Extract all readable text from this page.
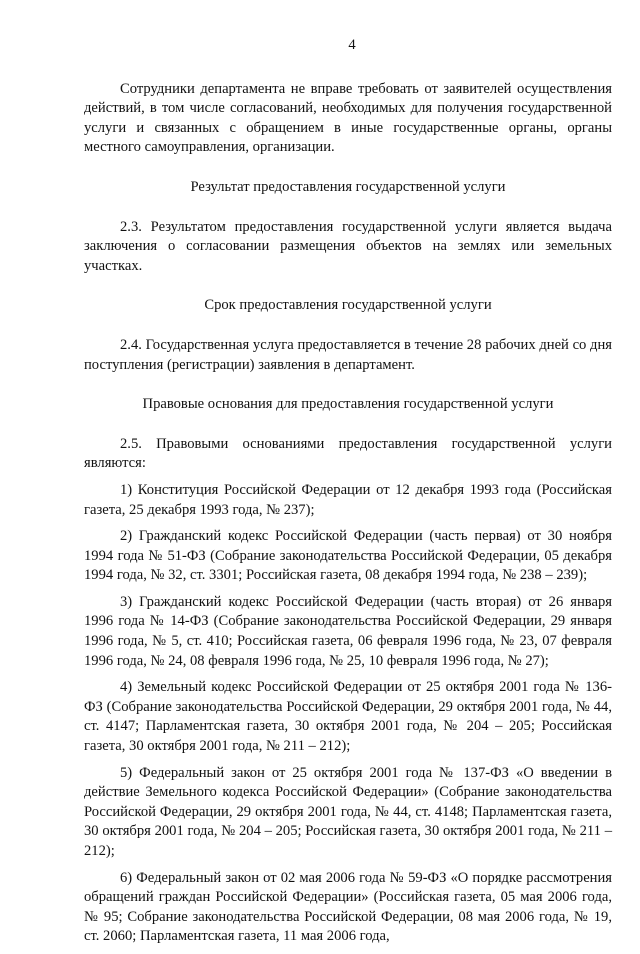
4

Сотрудники департамента не вправе требовать от заявителей осуществления действий, в том числе согласований, необходимых для получения государственной услуги и связанных с обращением в иные государственные органы, органы местного самоуправления, организации.

Результат предоставления государственной услуги

2.3. Результатом предоставления государственной услуги является выдача заключения о согласовании размещения объектов на землях или земельных участках.

Срок предоставления государственной услуги

2.4. Государственная услуга предоставляется в течение 28 рабочих дней со дня поступления (регистрации) заявления в департамент.

Правовые основания для предоставления государственной услуги

2.5. Правовыми основаниями предоставления государственной услуги являются:

1) Конституция Российской Федерации от 12 декабря 1993 года (Российская газета, 25 декабря 1993 года, № 237);
2) Гражданский кодекс Российской Федерации (часть первая) от 30 ноября 1994 года № 51-ФЗ (Собрание законодательства Российской Федерации, 05 декабря 1994 года, № 32, ст. 3301; Российская газета, 08 декабря 1994 года, № 238 – 239);
3) Гражданский кодекс Российской Федерации (часть вторая) от 26 января 1996 года № 14-ФЗ (Собрание законодательства Российской Федерации, 29 января 1996 года, № 5, ст. 410; Российская газета, 06 февраля 1996 года, № 23, 07 февраля 1996 года, № 24, 08 февраля 1996 года, № 25, 10 февраля 1996 года, № 27);
4) Земельный кодекс Российской Федерации от 25 октября 2001 года № 136-ФЗ (Собрание законодательства Российской Федерации, 29 октября 2001 года, № 44, ст. 4147; Парламентская газета, 30 октября 2001 года, № 204 – 205; Российская газета, 30 октября 2001 года, № 211 – 212);
5) Федеральный закон от 25 октября 2001 года № 137-ФЗ «О введении в действие Земельного кодекса Российской Федерации» (Собрание законодательства Российской Федерации, 29 октября 2001 года, № 44, ст. 4148; Парламентская газета, 30 октября 2001 года, № 204 – 205; Российская газета, 30 октября 2001 года, № 211 – 212);
6) Федеральный закон от 02 мая 2006 года № 59-ФЗ «О порядке рассмотрения обращений граждан Российской Федерации» (Российская газета, 05 мая 2006 года, № 95; Собрание законодательства Российской Федерации, 08 мая 2006 года, № 19, ст. 2060; Парламентская газета, 11 мая 2006 года,
